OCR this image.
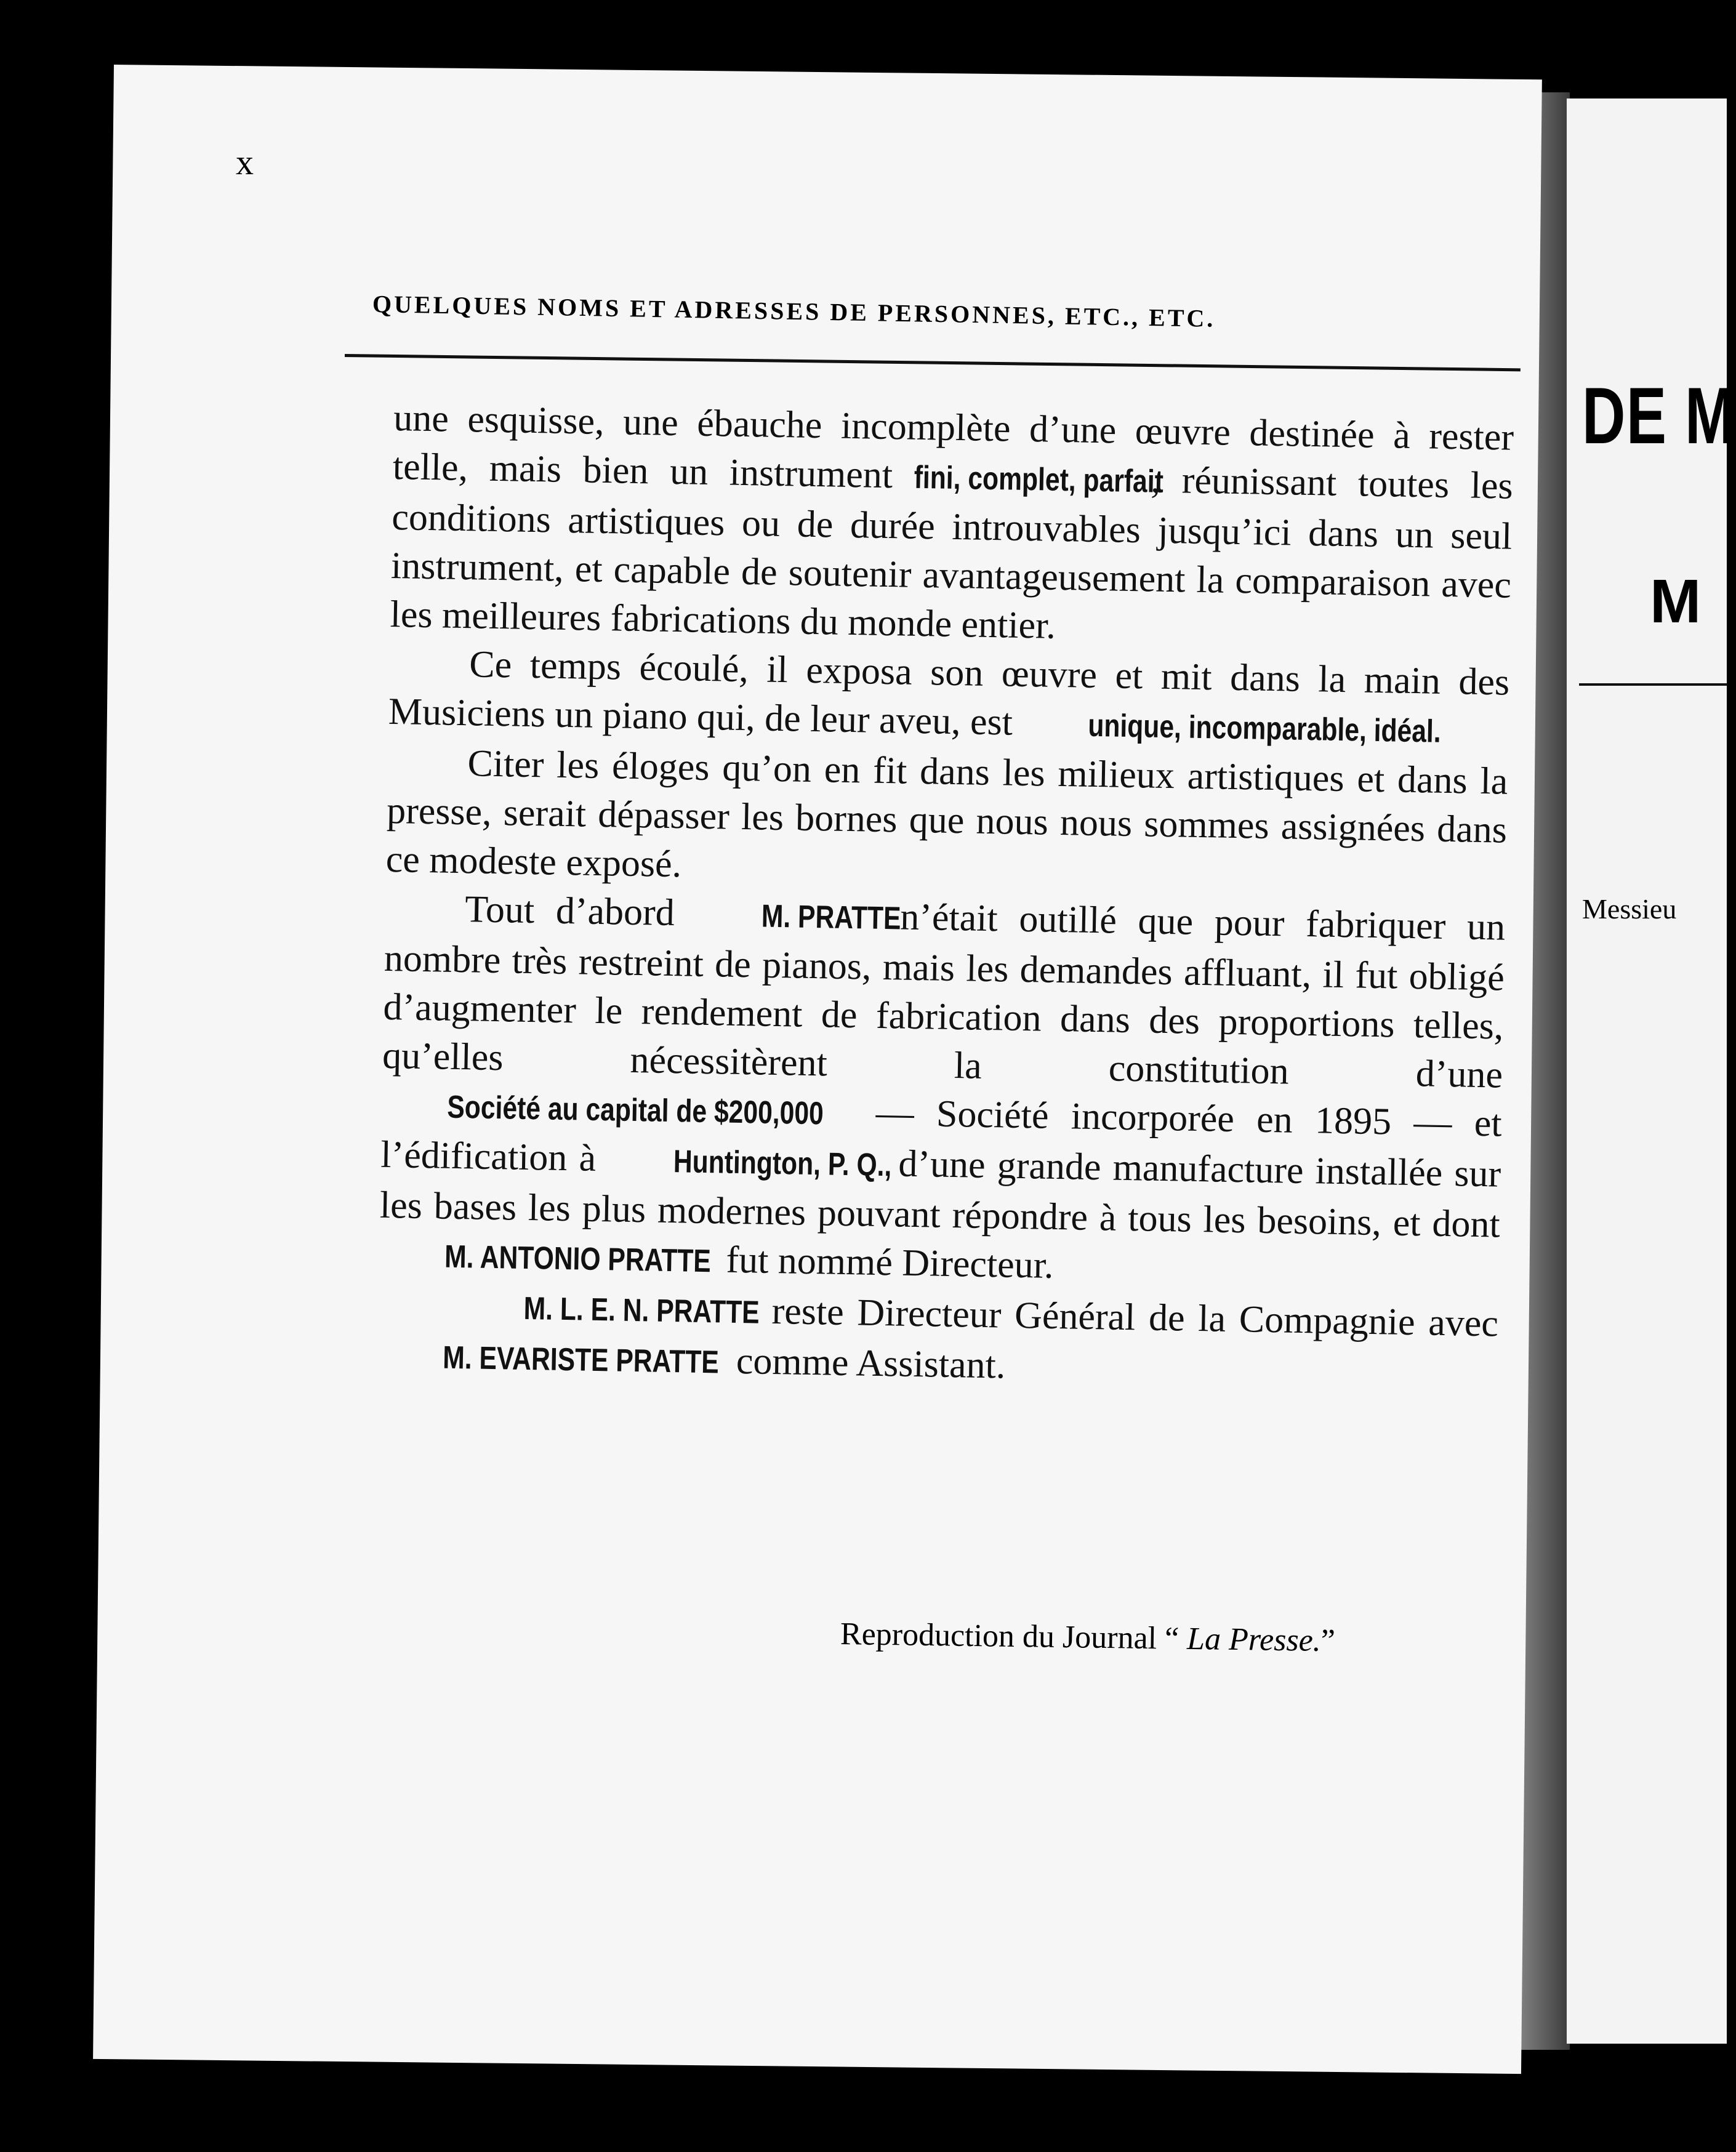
DE M
M
Messieu
x
QUELQUES NOMS ET ADRESSES DE PERSONNES, ETC., ETC.

une esquisse, une ébauche incomplète d’une œuvre destinée à rester telle, mais bien un instrument fini, complet, parfait, réunissant toutes les conditions artistiques ou de durée introuvables jusqu’ici dans un seul instrument, et capable de soutenir avantageusement la comparaison avec les meilleures fabrications du monde entier.

Ce temps écoulé, il exposa son œuvre et mit dans la main des Musiciens un piano qui, de leur aveu, est unique, incomparable, idéal.

Citer les éloges qu’on en fit dans les milieux artistiques et dans la presse, serait dépasser les bornes que nous nous sommes assignées dans ce modeste exposé.

Tout d’abord M. PRATTE n’était outillé que pour fabriquer un nombre très restreint de pianos, mais les demandes affluant, il fut obligé d’augmenter le rendement de fabrication dans des proportions telles, qu’elles nécessitèrent la constitution d’une Société au capital de $200,000 — Société incorporée en 1895 — et l’édification à Huntington, P. Q., d’une grande manufacture installée sur les bases les plus modernes pouvant répondre à tous les besoins, et dont M. ANTONIO PRATTE fut nommé Directeur.

M. L. E. N. PRATTE reste Directeur Général de la Compagnie avec M. EVARISTE PRATTE comme Assistant.

Reproduction du Journal “ La Presse.”
